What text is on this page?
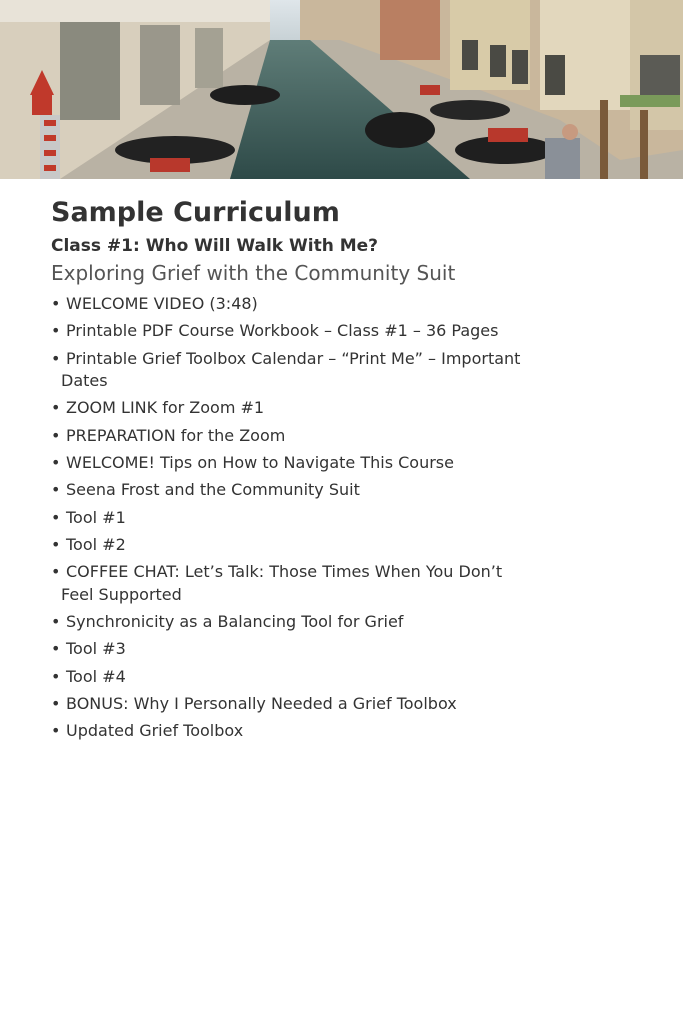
Sample Curriculum
Class #1: Who Will Walk With Me?

Exploring Grief with the Community Suit

• WELCOME VIDEO (3:48)
• Printable PDF Course Workbook – Class #1 – 36 Pages
• Printable Grief Toolbox Calendar – “Print Me” – Important Dates
• ZOOM LINK for Zoom #1
• PREPARATION for the Zoom
• WELCOME! Tips on How to Navigate This Course
• Seena Frost and the Community Suit
• Tool #1
• Tool #2
• COFFEE CHAT: Let’s Talk: Those Times When You Don’t Feel Supported
• Synchronicity as a Balancing Tool for Grief
• Tool #3
• Tool #4
• BONUS: Why I Personally Needed a Grief Toolbox
• Updated Grief Toolbox
